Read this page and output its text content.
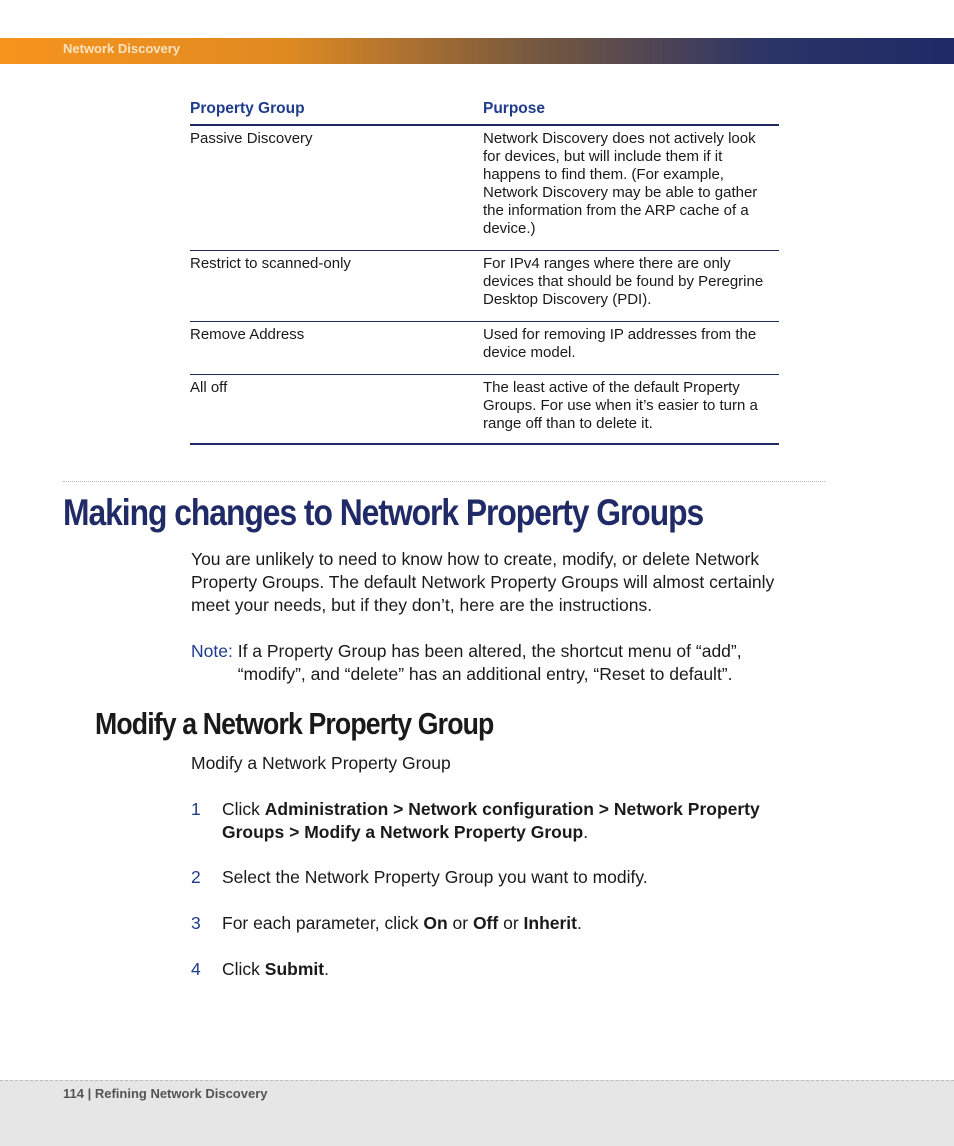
Network Discovery
Property Group	Purpose
Passive Discovery	Network Discovery does not actively look for devices, but will include them if it happens to find them. (For example, Network Discovery may be able to gather the information from the ARP cache of a device.)
Restrict to scanned-only	For IPv4 ranges where there are only devices that should be found by Peregrine Desktop Discovery (PDI).
Remove Address	Used for removing IP addresses from the device model.
All off	The least active of the default Property Groups. For use when it’s easier to turn a range off than to delete it.
Making changes to Network Property Groups
You are unlikely to need to know how to create, modify, or delete Network Property Groups. The default Network Property Groups will almost certainly meet your needs, but if they don’t, here are the instructions.
Note: If a Property Group has been altered, the shortcut menu of “add”, “modify”, and “delete” has an additional entry, “Reset to default”.
Modify a Network Property Group
Modify a Network Property Group
1 Click Administration > Network configuration > Network Property Groups > Modify a Network Property Group.
2 Select the Network Property Group you want to modify.
3 For each parameter, click On or Off or Inherit.
4 Click Submit.
114 | Refining Network Discovery
